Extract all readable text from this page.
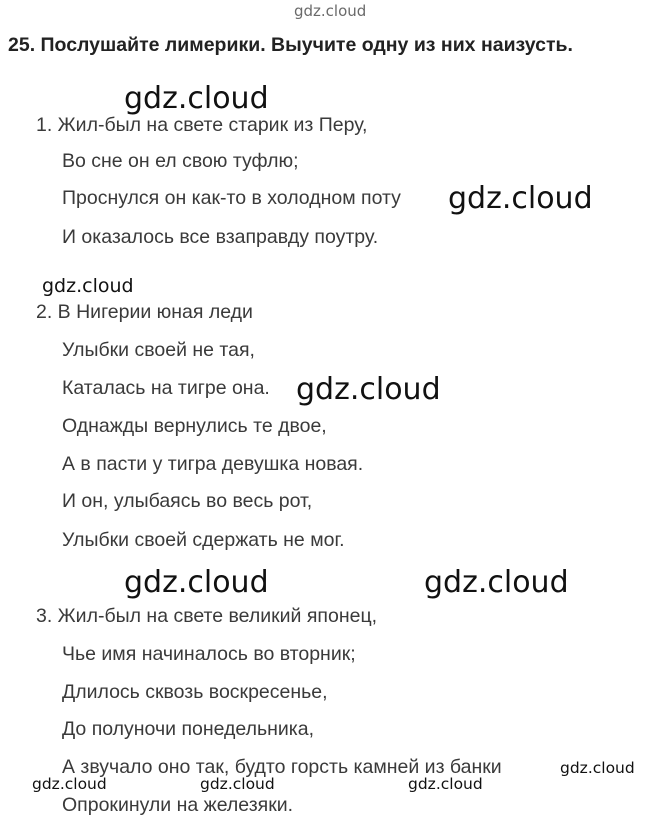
gdz.cloud
25. Послушайте лимерики. Выучите одну из них наизусть.
1. Жил-был на свете старик из Перу,
Во сне он ел свою туфлю;
Проснулся он как-то в холодном поту
И оказалось все взаправду поутру.
2. В Нигерии юная леди
Улыбки своей не тая,
Каталась на тигре она.
Однажды вернулись те двое,
А в пасти у тигра девушка новая.
И он, улыбаясь во весь рот,
Улыбки своей сдержать не мог.
3. Жил-был на свете великий японец,
Чье имя начиналось во вторник;
Длилось сквозь воскресенье,
До полуночи понедельника,
А звучало оно так, будто горсть камней из банки
Опрокинули на железяки.
gdz.cloud
gdz.cloud
gdz.cloud
gdz.cloud
gdz.cloud	gdz.cloud
gdz.cloud
gdz.cloud	gdz.cloud	gdz.cloud
